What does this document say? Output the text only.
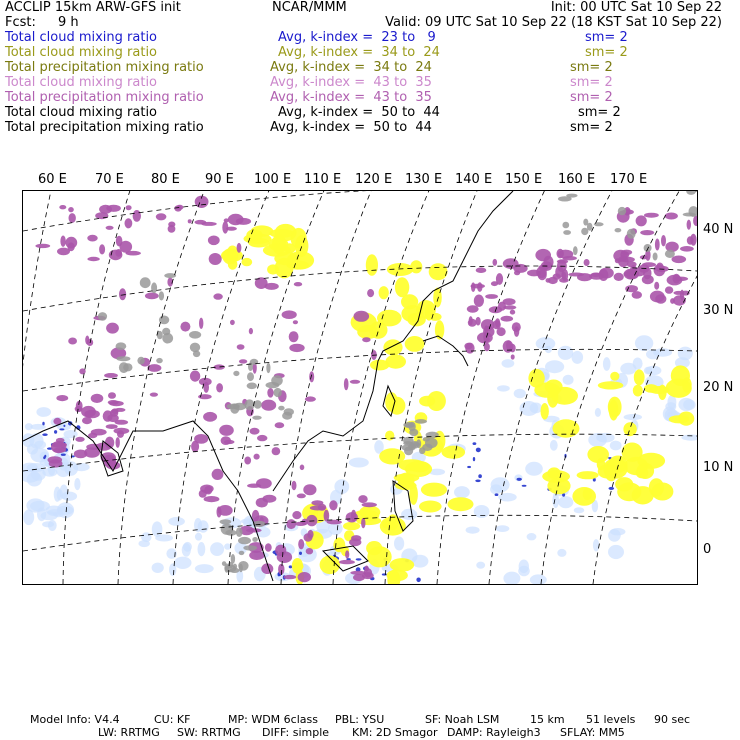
ACCLIP 15km ARW-GFS init
Fcst: 9 h
NCAR/MMM	Init: 00 UTC Sat 10 Sep 22
Valid: 09 UTC Sat 10 Sep 22 (18 KST Sat 10 Sep 22)
Total cloud mixing ratio	Avg, k-index =  23 to   9	sm= 2
Total cloud mixing ratio	Avg, k-index =  34 to  24	sm= 2
Total precipitation mixing ratio	Avg, k-index =  34 to  24	sm= 2
Total cloud mixing ratio	Avg, k-index =  43 to  35	sm= 2
Total precipitation mixing ratio	Avg, k-index =  43 to  35	sm= 2
Total cloud mixing ratio	Avg, k-index =  50 to  44	sm= 2
Total precipitation mixing ratio	Avg, k-index =  50 to  44	sm= 2
60 E 70 E 80 E 90 E 100 E 110 E 120 E 130 E 140 E 150 E 160 E 170 E
40 N
30 N
20 N
10 N
0
Model Info: V4.4	CU: KF	MP: WDM 6class PBL: YSU	SF: Noah LSM	15 km 51 levels 90 sec
LW: RRTMG SW: RRTMG DIFF: simple KM: 2D Smagor DAMP: Rayleigh3 SFLAY: MM5
